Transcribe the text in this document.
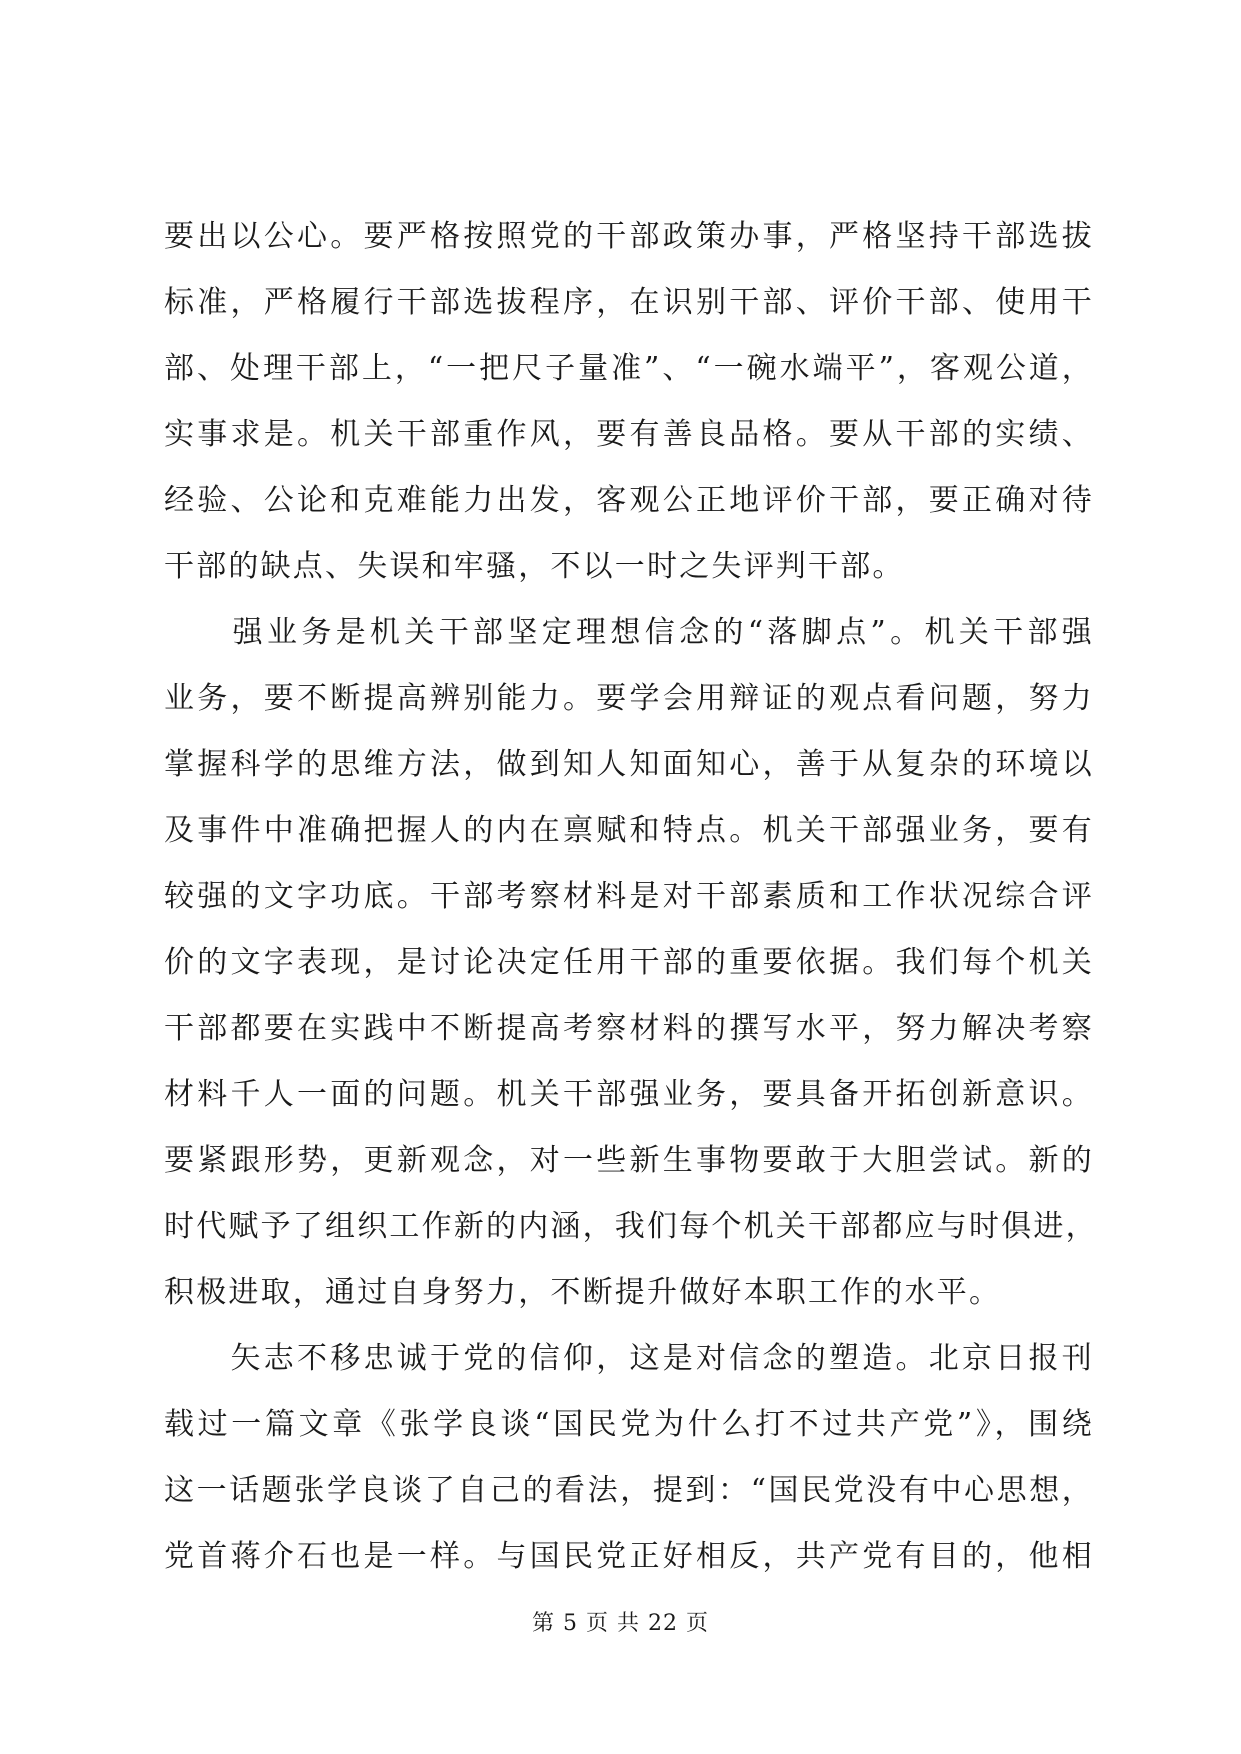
要出以公心。要严格按照党的干部政策办事，严格坚持干部选拔
标准，严格履行干部选拔程序，在识别干部、评价干部、使用干
部、处理干部上，“一把尺子量准”、“一碗水端平”，客观公道，
实事求是。机关干部重作风，要有善良品格。要从干部的实绩、
经验、公论和克难能力出发，客观公正地评价干部，要正确对待
干部的缺点、失误和牢骚，不以一时之失评判干部。
　　强业务是机关干部坚定理想信念的“落脚点”。机关干部强
业务，要不断提高辨别能力。要学会用辩证的观点看问题，努力
掌握科学的思维方法，做到知人知面知心，善于从复杂的环境以
及事件中准确把握人的内在禀赋和特点。机关干部强业务，要有
较强的文字功底。干部考察材料是对干部素质和工作状况综合评
价的文字表现，是讨论决定任用干部的重要依据。我们每个机关
干部都要在实践中不断提高考察材料的撰写水平，努力解决考察
材料千人一面的问题。机关干部强业务，要具备开拓创新意识。
要紧跟形势，更新观念，对一些新生事物要敢于大胆尝试。新的
时代赋予了组织工作新的内涵，我们每个机关干部都应与时俱进，
积极进取，通过自身努力，不断提升做好本职工作的水平。
　　矢志不移忠诚于党的信仰，这是对信念的塑造。北京日报刊
载过一篇文章《张学良谈“国民党为什么打不过共产党”》，围绕
这一话题张学良谈了自己的看法，提到：“国民党没有中心思想，
党首蒋介石也是一样。与国民党正好相反，共产党有目的，他相
第 5 页 共 22 页
